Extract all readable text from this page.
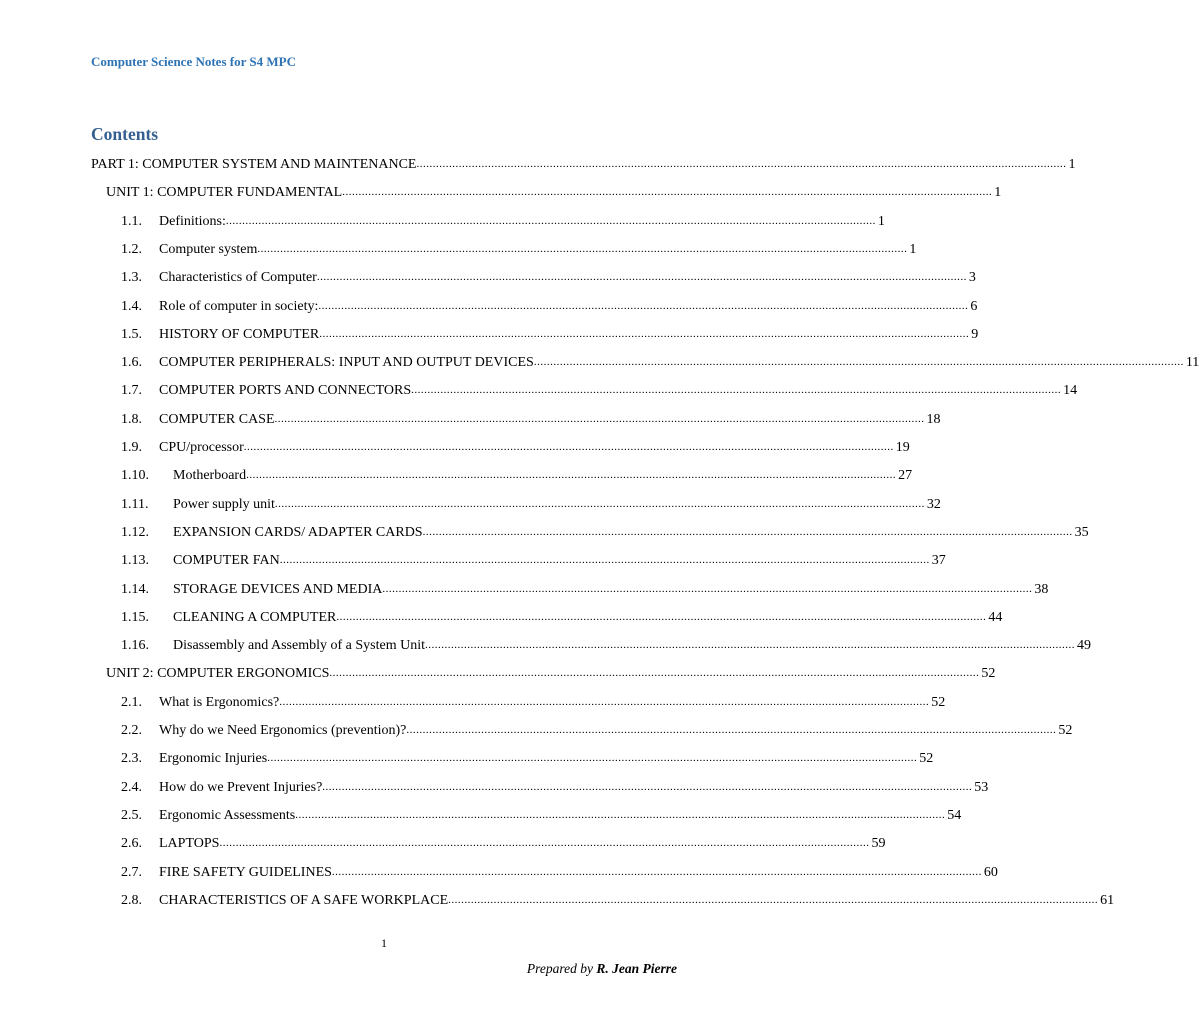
Computer Science Notes for S4 MPC
Contents
PART 1: COMPUTER SYSTEM AND MAINTENANCE ........................................................................................................................................................................................................ 1
UNIT 1: COMPUTER FUNDAMENTAL ........................................................................................................................................................................................................ 1
1.1.	Definitions: ........................................................................................................................................................................................................ 1
1.2.	Computer system ........................................................................................................................................................................................................ 1
1.3.	Characteristics of Computer ........................................................................................................................................................................................................ 3
1.4.	Role of computer in society: ........................................................................................................................................................................................................ 6
1.5.	HISTORY OF COMPUTER ........................................................................................................................................................................................................ 9
1.6.	COMPUTER PERIPHERALS: INPUT AND OUTPUT DEVICES ........................................................................................................................................................................................................ 11
1.7.	COMPUTER PORTS AND CONNECTORS ........................................................................................................................................................................................................ 14
1.8.	COMPUTER CASE ........................................................................................................................................................................................................ 18
1.9.	CPU/processor ........................................................................................................................................................................................................ 19
1.10.	Motherboard ........................................................................................................................................................................................................ 27
1.11.	Power supply unit ........................................................................................................................................................................................................ 32
1.12.	EXPANSION CARDS/ ADAPTER CARDS ........................................................................................................................................................................................................ 35
1.13.	COMPUTER FAN ........................................................................................................................................................................................................ 37
1.14.	STORAGE DEVICES AND MEDIA ........................................................................................................................................................................................................ 38
1.15.	CLEANING A COMPUTER ........................................................................................................................................................................................................ 44
1.16.	Disassembly and Assembly of a System Unit ........................................................................................................................................................................................................ 49
UNIT 2: COMPUTER ERGONOMICS ........................................................................................................................................................................................................ 52
2.1.	What is Ergonomics? ........................................................................................................................................................................................................ 52
2.2.	Why do we Need Ergonomics (prevention)? ........................................................................................................................................................................................................ 52
2.3.	Ergonomic Injuries ........................................................................................................................................................................................................ 52
2.4.	How do we Prevent Injuries? ........................................................................................................................................................................................................ 53
2.5.	Ergonomic Assessments ........................................................................................................................................................................................................ 54
2.6.	LAPTOPS ........................................................................................................................................................................................................ 59
2.7.	FIRE SAFETY GUIDELINES ........................................................................................................................................................................................................ 60
2.8.	CHARACTERISTICS OF A SAFE WORKPLACE ........................................................................................................................................................................................................ 61
1
Prepared by R. Jean Pierre
